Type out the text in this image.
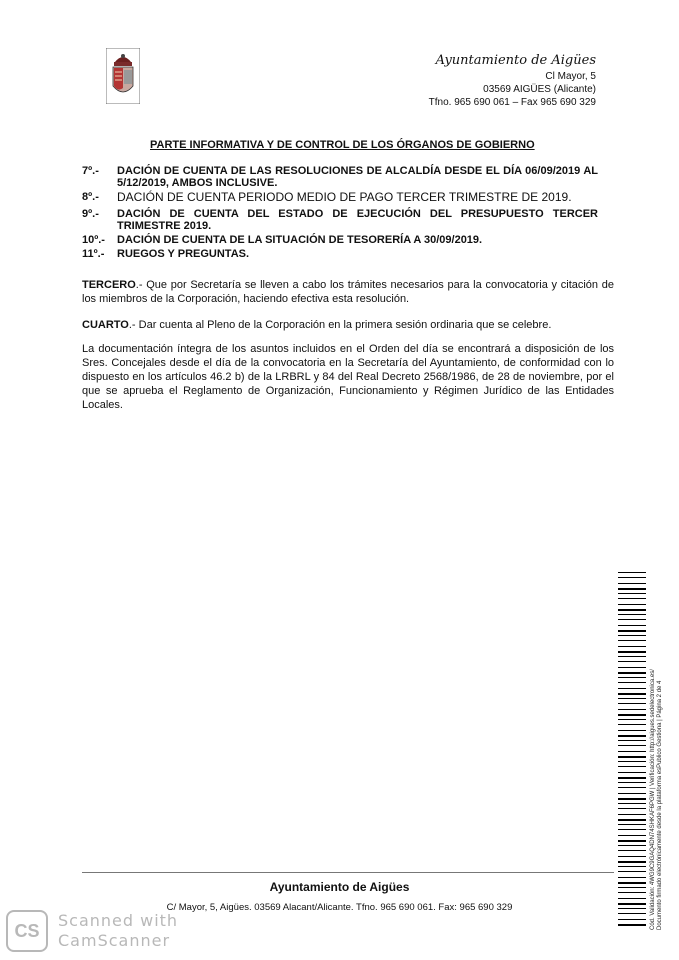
Ayuntamiento de Aigües
Cl Mayor, 5
03569 AIGÜES (Alicante)
Tfno. 965 690 061 – Fax 965 690 329
PARTE INFORMATIVA Y DE CONTROL DE LOS ÓRGANOS DE GOBIERNO
7º.-	DACIÓN DE CUENTA DE LAS RESOLUCIONES DE ALCALDÍA DESDE EL DÍA 06/09/2019 AL 5/12/2019, AMBOS INCLUSIVE.
8º.-	DACIÓN DE CUENTA PERIODO MEDIO DE PAGO TERCER TRIMESTRE DE 2019.
9º.-	DACIÓN DE CUENTA DEL ESTADO DE EJECUCIÓN DEL PRESUPUESTO TERCER TRIMESTRE 2019.
10º.-	DACIÓN DE CUENTA DE LA SITUACIÓN DE TESORERÍA A 30/09/2019.
11º.-	RUEGOS Y PREGUNTAS.
TERCERO.- Que por Secretaría se lleven a cabo los trámites necesarios para la convocatoria y citación de los miembros de la Corporación, haciendo efectiva esta resolución.
CUARTO.- Dar cuenta al Pleno de la Corporación en la primera sesión ordinaria que se celebre.
La documentación íntegra de los asuntos incluidos en el Orden del día se encontrará a disposición de los Sres. Concejales desde el día de la convocatoria en la Secretaría del Ayuntamiento, de conformidad con lo dispuesto en los artículos 46.2 b) de la LRBRL y 84 del Real Decreto 2568/1986, de 28 de noviembre, por el que se aprueba el Reglamento de Organización, Funcionamiento y Régimen Jurídico de las Entidades Locales.
Cód. Validación: 4WG9C9GAQ4DN74SHKAF6PGW | Verificación: http://aigues.sedelectronica.es/ Documento firmado electrónicamente desde la plataforma esPublico Gestiona | Página 2 de 4
Ayuntamiento de Aigües
C/ Mayor, 5, Aigües. 03569 Alacant/Alicante. Tfno. 965 690 061. Fax: 965 690 329
CS	Scanned with
CamScanner
